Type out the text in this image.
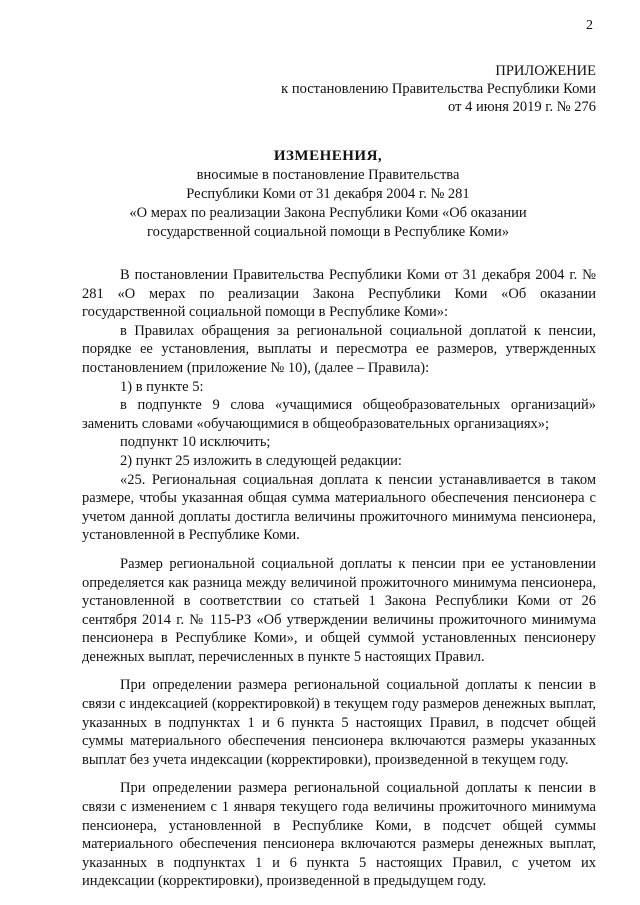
2
ПРИЛОЖЕНИЕ
к постановлению Правительства Республики Коми
от 4 июня 2019 г. № 276
ИЗМЕНЕНИЯ,
вносимые в постановление Правительства
Республики Коми от 31 декабря 2004 г. № 281
«О мерах по реализации Закона Республики Коми «Об оказании
государственной социальной помощи в Республике Коми»

В постановлении Правительства Республики Коми от 31 декабря 2004 г. № 281 «О мерах по реализации Закона Республики Коми «Об оказании государственной социальной помощи в Республике Коми»:

в Правилах обращения за региональной социальной доплатой к пенсии, порядке ее установления, выплаты и пересмотра ее размеров, утвержденных постановлением (приложение № 10), (далее – Правила):

1) в пункте 5:

в подпункте 9 слова «учащимися общеобразовательных организаций» заменить словами «обучающимися в общеобразовательных организациях»;

подпункт 10 исключить;

2) пункт 25 изложить в следующей редакции:

«25. Региональная социальная доплата к пенсии устанавливается в таком размере, чтобы указанная общая сумма материального обеспечения пенсионера с учетом данной доплаты достигла величины прожиточного минимума пенсионера, установленной в Республике Коми.

Размер региональной социальной доплаты к пенсии при ее установлении определяется как разница между величиной прожиточного минимума пенсионера, установленной в соответствии со статьей 1 Закона Республики Коми от 26 сентября 2014 г. № 115-РЗ «Об утверждении величины прожиточного минимума пенсионера в Республике Коми», и общей суммой установленных пенсионеру денежных выплат, перечисленных в пункте 5 настоящих Правил.

При определении размера региональной социальной доплаты к пенсии в связи с индексацией (корректировкой) в текущем году размеров денежных выплат, указанных в подпунктах 1 и 6 пункта 5 настоящих Правил, в подсчет общей суммы материального обеспечения пенсионера включаются размеры указанных выплат без учета индексации (корректировки), произведенной в текущем году.

При определении размера региональной социальной доплаты к пенсии в связи с изменением с 1 января текущего года величины прожиточного минимума пенсионера, установленной в Республике Коми, в подсчет общей суммы материального обеспечения пенсионера включаются размеры денежных выплат, указанных в подпунктах 1 и 6 пункта 5 настоящих Правил, с учетом их индексации (корректировки), произведенной в предыдущем году.
